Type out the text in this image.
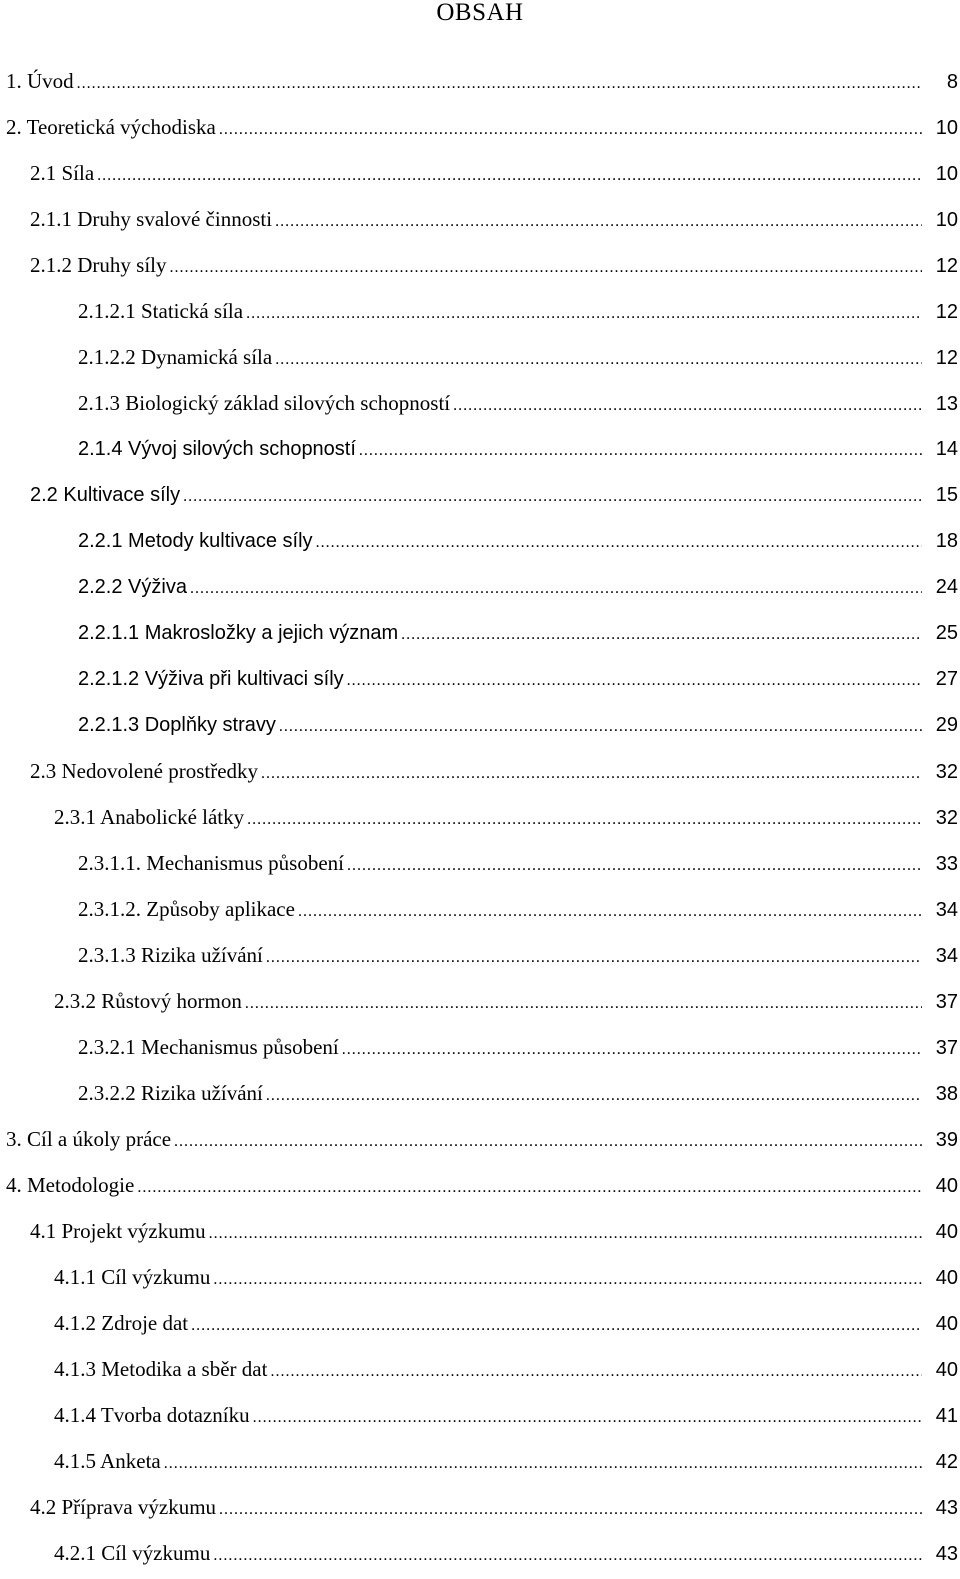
OBSAH
1. Úvod .....	8
2. Teoretická východiska .....	10
2.1 Síla .....	10
2.1.1 Druhy svalové činnosti .....	10
2.1.2 Druhy síly .....	12
2.1.2.1 Statická síla .....	12
2.1.2.2 Dynamická síla .....	12
2.1.3 Biologický základ silových schopností .....	13
2.1.4 Vývoj silových schopností .....	14
2.2 Kultivace síly .....	15
2.2.1 Metody kultivace síly .....	18
2.2.2 Výživa .....	24
2.2.1.1 Makrosložky a jejich význam .....	25
2.2.1.2 Výživa při kultivaci síly .....	27
2.2.1.3 Doplňky stravy .....	29
2.3 Nedovolené prostředky .....	32
2.3.1 Anabolické látky .....	32
2.3.1.1. Mechanismus působení .....	33
2.3.1.2. Způsoby aplikace .....	34
2.3.1.3 Rizika užívání .....	34
2.3.2 Růstový hormon .....	37
2.3.2.1 Mechanismus působení .....	37
2.3.2.2 Rizika užívání .....	38
3. Cíl a úkoly práce .....	39
4. Metodologie .....	40
4.1 Projekt výzkumu .....	40
4.1.1 Cíl výzkumu .....	40
4.1.2 Zdroje dat .....	40
4.1.3 Metodika a sběr dat .....	40
4.1.4 Tvorba dotazníku .....	41
4.1.5 Anketa .....	42
4.2 Příprava výzkumu .....	43
4.2.1 Cíl výzkumu .....	43
